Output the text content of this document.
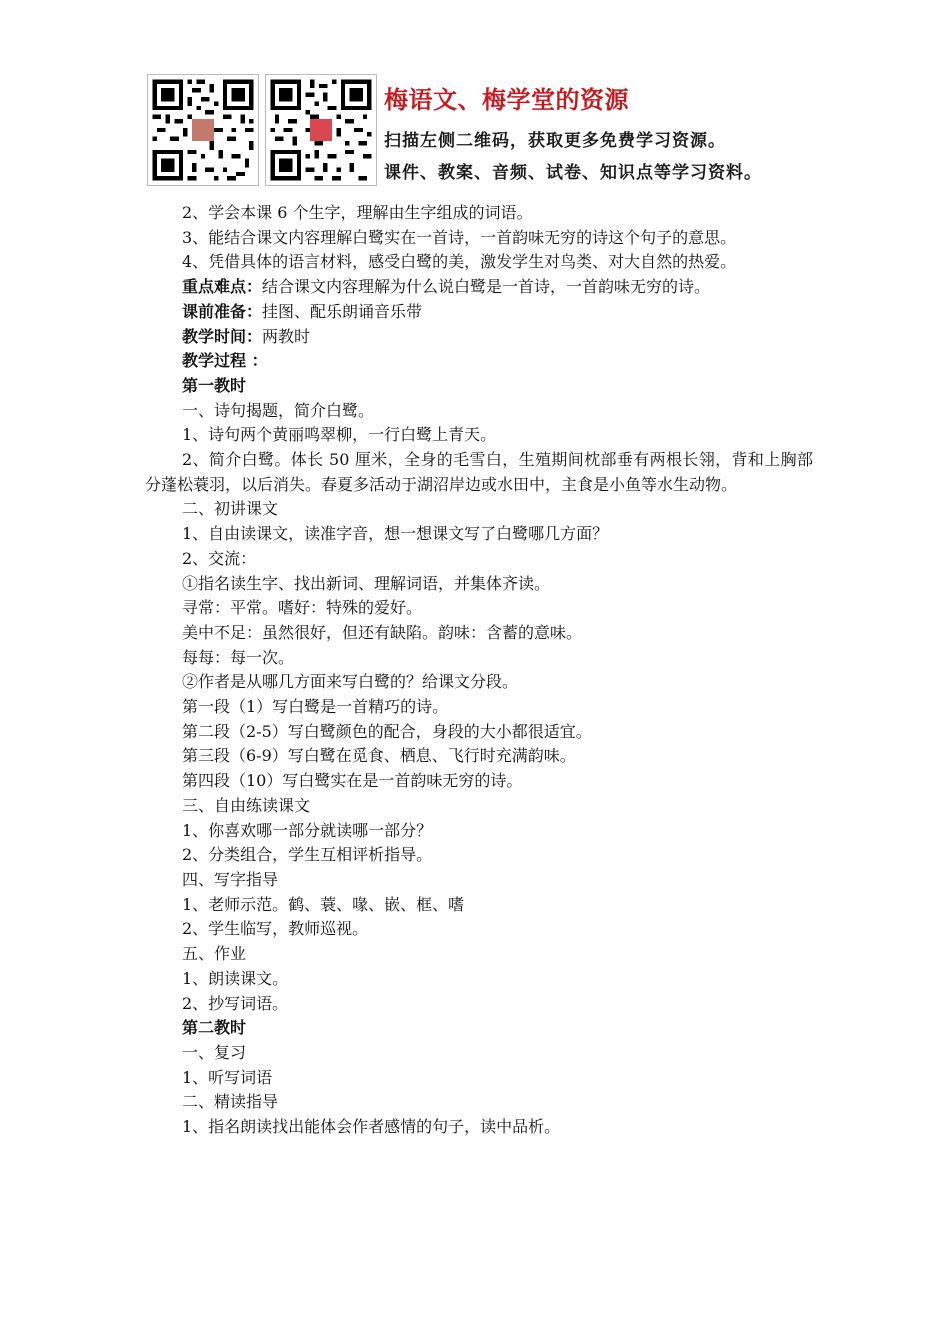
梅语文、梅学堂的资源
扫描左侧二维码，获取更多免费学习资源。
课件、教案、音频、试卷、知识点等学习资料。

2、学会本课 6 个生字，理解由生字组成的词语。

3、能结合课文内容理解白鹭实在一首诗，一首韵味无穷的诗这个句子的意思。

4、凭借具体的语言材料，感受白鹭的美，激发学生对鸟类、对大自然的热爱。

重点难点：结合课文内容理解为什么说白鹭是一首诗，一首韵味无穷的诗。

课前准备：挂图、配乐朗诵音乐带

教学时间：两教时

教学过程 ：

第一教时

一、诗句揭题，简介白鹭。

1、诗句两个黄丽鸣翠柳，一行白鹭上青天。

2、简介白鹭。体长 50 厘米，全身的毛雪白，生殖期间枕部垂有两根长翎，背和上胸部分蓬松蓑羽，以后消失。春夏多活动于湖沼岸边或水田中，主食是小鱼等水生动物。

二、初讲课文

1、自由读课文，读准字音，想一想课文写了白鹭哪几方面？

2、交流：

①指名读生字、找出新词、理解词语，并集体齐读。

寻常：平常。嗜好：特殊的爱好。

美中不足：虽然很好，但还有缺陷。韵味：含蓄的意味。

每每：每一次。

②作者是从哪几方面来写白鹭的？给课文分段。

第一段（1）写白鹭是一首精巧的诗。

第二段（2-5）写白鹭颜色的配合，身段的大小都很适宜。

第三段（6-9）写白鹭在觅食、栖息、飞行时充满韵味。

第四段（10）写白鹭实在是一首韵味无穷的诗。

三、自由练读课文

1、你喜欢哪一部分就读哪一部分？

2、分类组合，学生互相评析指导。

四、写字指导

1、老师示范。鹤、蓑、喙、嵌、框、嗜

2、学生临写，教师巡视。

五、作业

1、朗读课文。

2、抄写词语。

第二教时

一、复习

1、听写词语

二、精读指导

1、指名朗读找出能体会作者感情的句子，读中品析。
